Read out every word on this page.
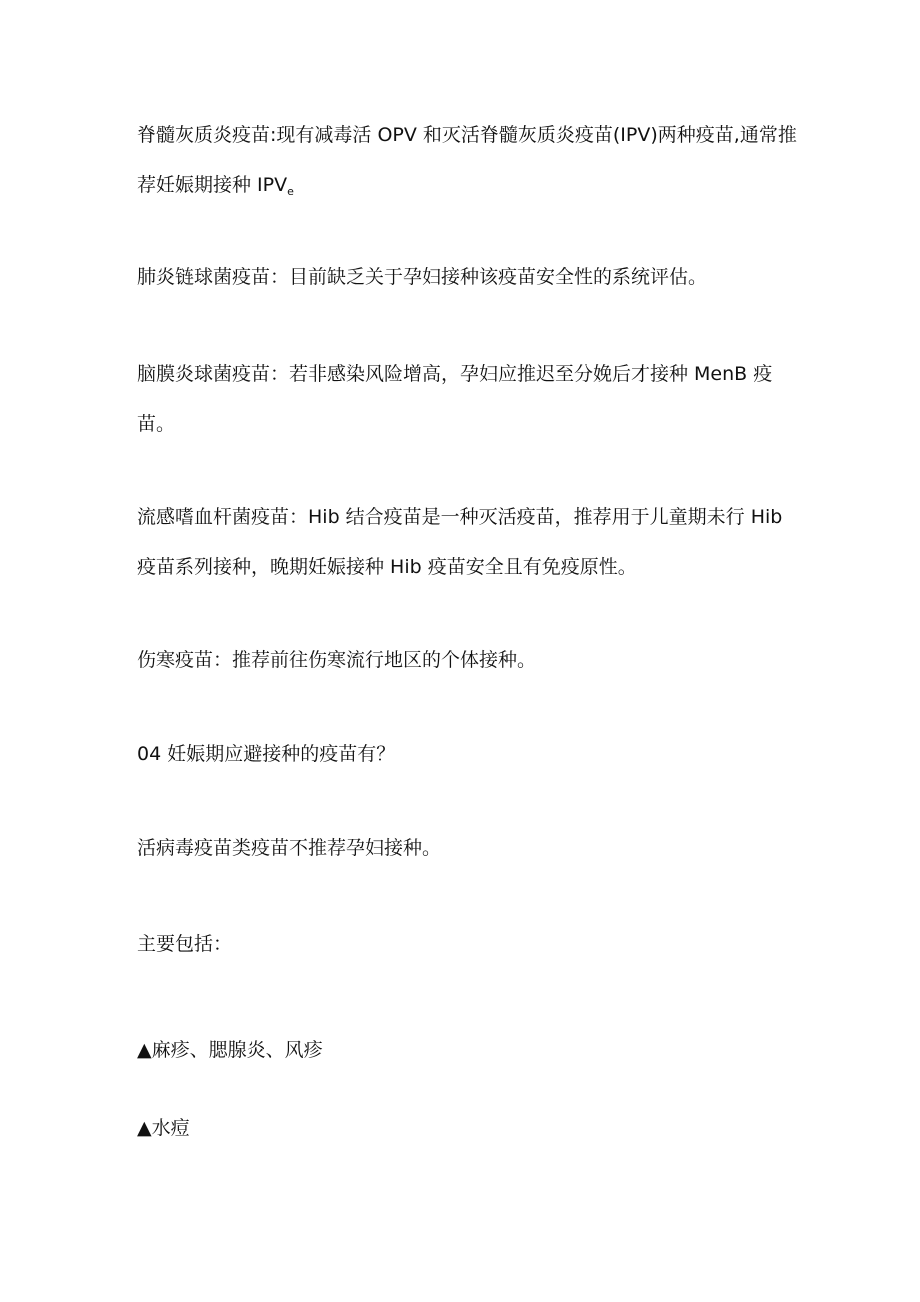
脊髓灰质炎疫苗:现有减毒活 OPV 和灭活脊髓灰质炎疫苗(IPV)两种疫苗,通常推

荐妊娠期接种 $IPV_e$

肺炎链球菌疫苗：目前缺乏关于孕妇接种该疫苗安全性的系统评估。

脑膜炎球菌疫苗：若非感染风险增高，孕妇应推迟至分娩后才接种 MenB 疫

苗。

流感嗜血杆菌疫苗：Hib 结合疫苗是一种灭活疫苗，推荐用于儿童期未行 Hib

疫苗系列接种，晚期妊娠接种 Hib 疫苗安全且有免疫原性。

伤寒疫苗：推荐前往伤寒流行地区的个体接种。

04 妊娠期应避接种的疫苗有？

活病毒疫苗类疫苗不推荐孕妇接种。

主要包括：

▲麻疹、腮腺炎、风疹

▲水痘
